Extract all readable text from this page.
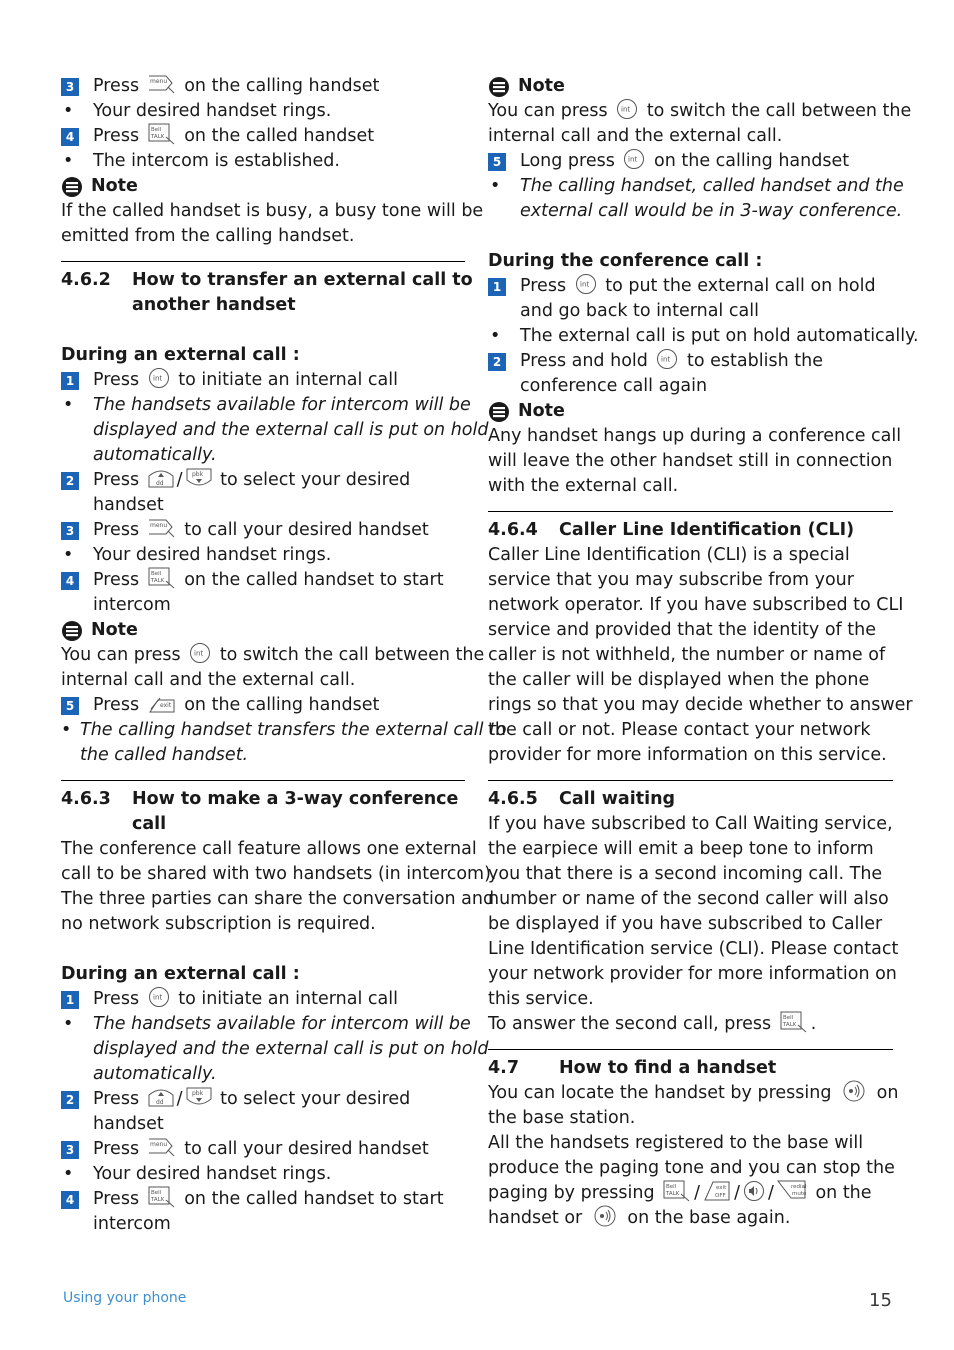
3 Press menu on the calling handset
•	Your desired handset rings.
4 Press Bell
TALK on the called handset
•	The intercom is established.
Note
If the called handset is busy, a busy tone will be
emitted from the calling handset.
4.6.2	How to transfer an external call to
another handset
During an external call :
1 Press int to initiate an internal call
•	The handsets available for intercom will be
displayed and the external call is put on hold
automatically.
2 Press	dd / pbk to select your desired
handset
3 Press menu to call your desired handset
•	Your desired handset rings.
4 Press Bell
TALK on the called handset to start
intercom
Note
You can press int to switch the call between the
internal call and the external call.
5 Press	exit on the calling handset
• The calling handset transfers the external call to
the called handset.
4.6.3	How to make a 3-way conference
call
The conference call feature allows one external
call to be shared with two handsets (in intercom).
The three parties can share the conversation and
no network subscription is required.
During an external call :
1 Press int to initiate an internal call
•	The handsets available for intercom will be
displayed and the external call is put on hold
automatically.
2 Press	dd / pbk to select your desired
handset
3 Press menu to call your desired handset
•	Your desired handset rings.
4 Press Bell
TALK on the called handset to start
intercom
Note
You can press int to switch the call between the
internal call and the external call.
5 Long press int on the calling handset
•	The calling handset, called handset and the
external call would be in 3-way conference.
During the conference call :
1 Press int to put the external call on hold
and go back to internal call
•	The external call is put on hold automatically.
2 Press and hold int to establish the
conference call again
Note
Any handset hangs up during a conference call
will leave the other handset still in connection
with the external call.
4.6.4	Caller Line Identification (CLI)
Caller Line Identification (CLI) is a special
service that you may subscribe from your
network operator. If you have subscribed to CLI
service and provided that the identity of the
caller is not withheld, the number or name of
the caller will be displayed when the phone
rings so that you may decide whether to answer
the call or not. Please contact your network
provider for more information on this service.
4.6.5	Call waiting
If you have subscribed to Call Waiting service,
the earpiece will emit a beep tone to inform
you that there is a second incoming call. The
number or name of the second caller will also
be displayed if you have subscribed to Caller
Line Identification service (CLI). Please contact
your network provider for more information on
this service.
To answer the second call, press Bell
TALK .
4.7	How to find a handset
You can locate the handset by pressing	on
the base station.
All the handsets registered to the base will
produce the paging tone and you can stop the
paging by pressing Bell
TALK /	exit
OFF / /	redial
mute on the
handset or	on the base again.
Using your phone	15
